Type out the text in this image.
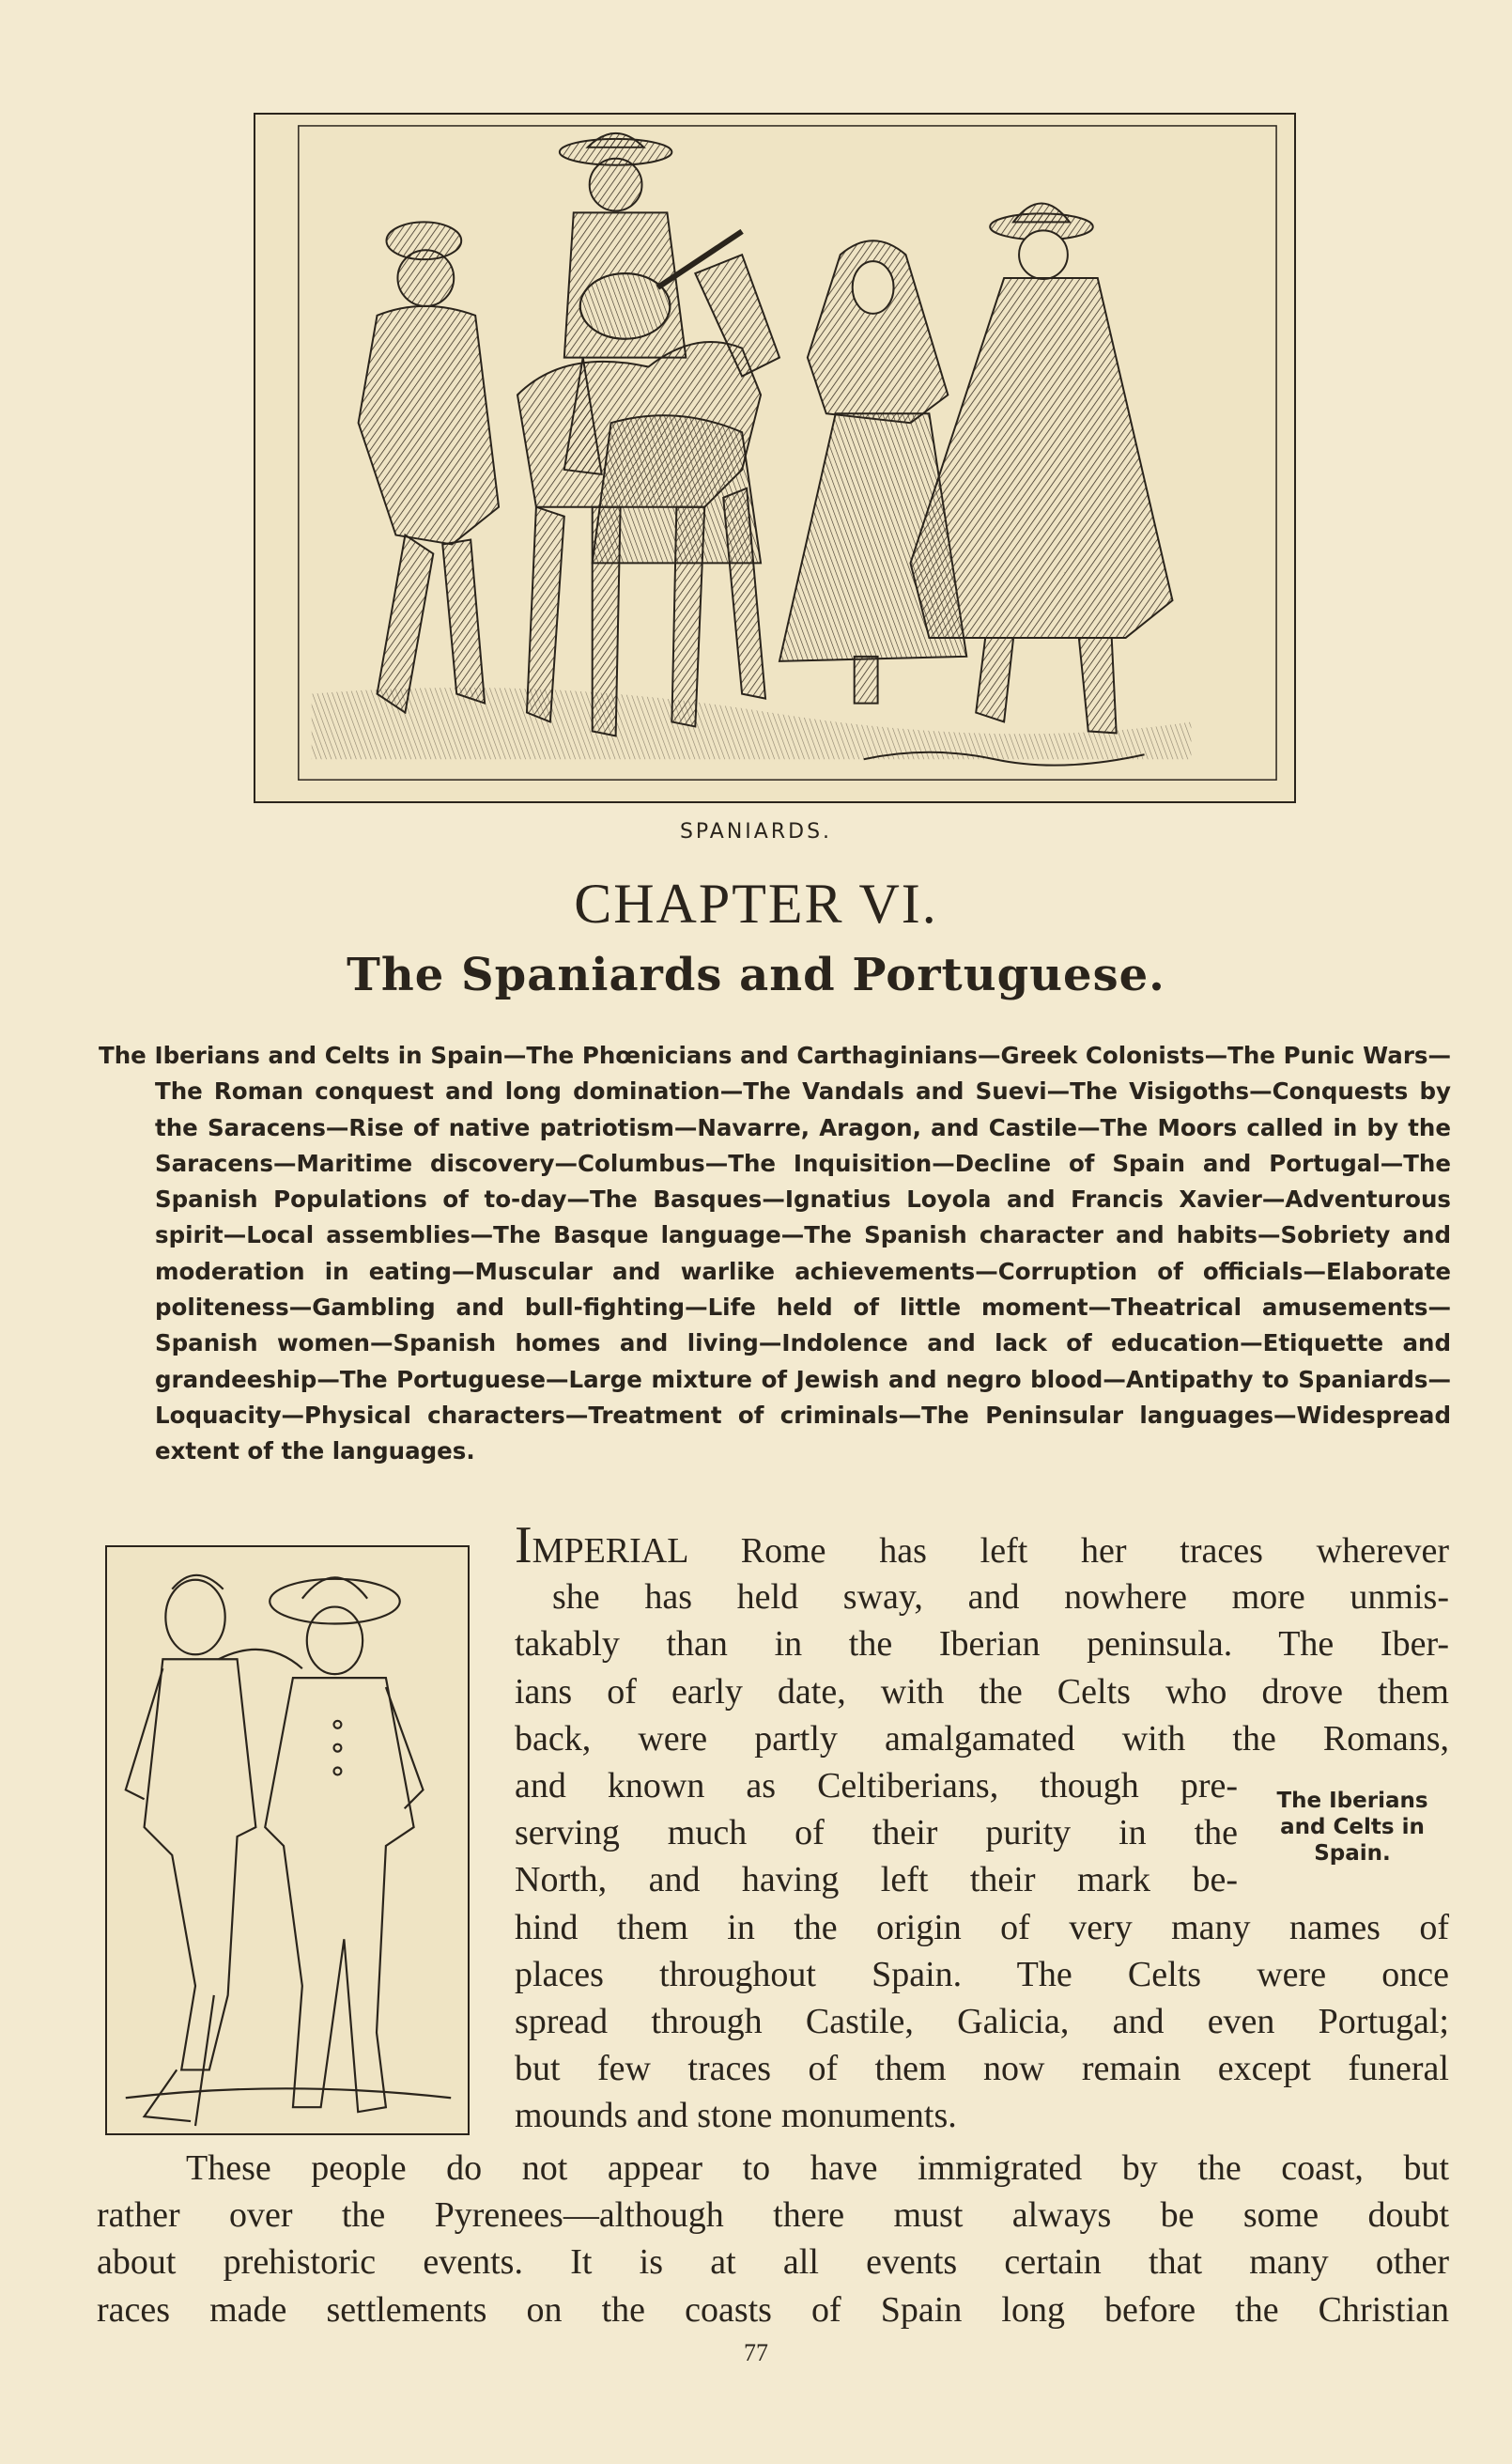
SPANIARDS.
CHAPTER VI.
The Spaniards and Portuguese.
The Iberians and Celts in Spain—The Phœnicians and Carthaginians—Greek Colonists—The Punic Wars—The Roman conquest and long domination—The Vandals and Suevi—The Visigoths—Conquests by the Saracens—Rise of native patriotism—Navarre, Aragon, and Castile—The Moors called in by the Saracens—Maritime discovery—Columbus—The Inquisition—Decline of Spain and Portugal—The Spanish Populations of to-day—The Basques—Ignatius Loyola and Francis Xavier—Adventurous spirit—Local assemblies—The Basque language—The Spanish character and habits—Sobriety and moderation in eating—Muscular and warlike achievements—Corruption of officials—Elaborate politeness—Gambling and bull-fighting—Life held of little moment—Theatrical amusements—Spanish women—Spanish homes and living—Indolence and lack of education—Etiquette and grandeeship—The Portuguese—Large mixture of Jewish and negro blood—Antipathy to Spaniards—Loquacity—Physical characters—Treatment of criminals—The Peninsular languages—Widespread extent of the languages.
IMPERIAL Rome has left her traces wherever
she has held sway, and nowhere more unmis-
takably than in the Iberian peninsula. The Iber-
ians of early date, with the Celts who drove them
back, were partly amalgamated with the Romans,
and known as Celtiberians, though pre-
serving much of their purity in the
North, and having left their mark be-
hind them in the origin of very many names of
places throughout Spain. The Celts were once
spread through Castile, Galicia, and even Portugal;
but few traces of them now remain except funeral
mounds and stone monuments.
The Iberians
and Celts in
Spain.
These people do not appear to have immigrated by the coast, but
rather over the Pyrenees—although there must always be some doubt
about prehistoric events. It is at all events certain that many other
races made settlements on the coasts of Spain long before the Christian
77
